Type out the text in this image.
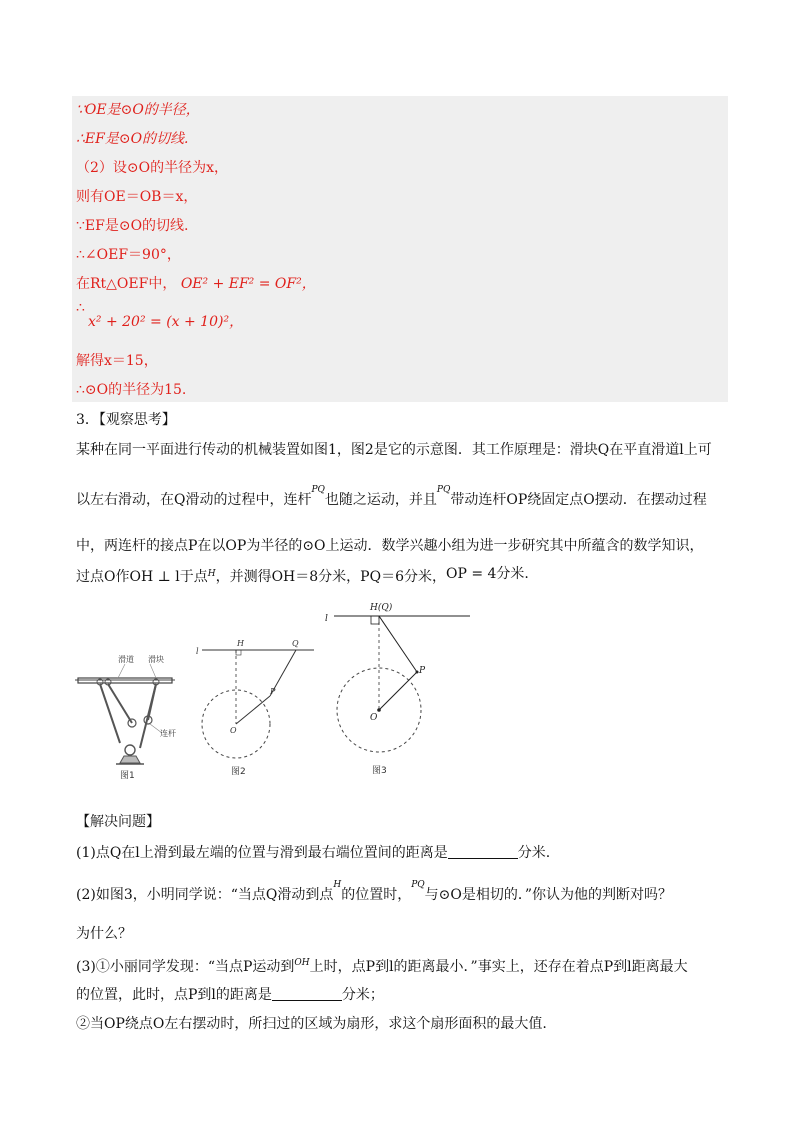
∵OE是⊙O的半径，
∴EF是⊙O的切线.
（2）设⊙O的半径为x，
则有OE＝OB＝x，
∵EF是⊙O的切线.
∴∠OEF＝90°，
在Rt△OEF中， OE² + EF² = OF²，
∴
x² + 20² = (x + 10)²，
解得x＝15，
∴⊙O的半径为15.
3．【观察思考】
某种在同一平面进行传动的机械装置如图1，图2是它的示意图．其工作原理是：滑块Q在平直滑道l上可
以左右滑动，在Q滑动的过程中，连杆$^{PQ}$也随之运动，并且$^{PQ}$带动连杆OP绕固定点O摆动．在摆动过程
中，两连杆的接点P在以OP为半径的⊙O上运动．数学兴趣小组为进一步研究其中所蕴含的数学知识，
过点O作OH ⊥ l于点$^H$，并测得OH＝8分米，PQ＝6分米，OP = 4分米.
滑道 滑块
连杆
图1
l
H	Q
P
O
图2
l
H(Q)
P
O
图3
【解决问题】
(1)点Q在l上滑到最左端的位置与滑到最右端位置间的距离是	分米.
(2)如图3，小明同学说：“当点Q滑动到点$^H$的位置时，$^{PQ}$与⊙O是相切的．”你认为他的判断对吗？
为什么？
(3)①小丽同学发现：“当点P运动到$^{OH}$上时，点P到l的距离最小．”事实上，还存在着点P到l距离最大
的位置，此时，点P到l的距离是	分米；
②当OP绕点O左右摆动时，所扫过的区域为扇形，求这个扇形面积的最大值.
